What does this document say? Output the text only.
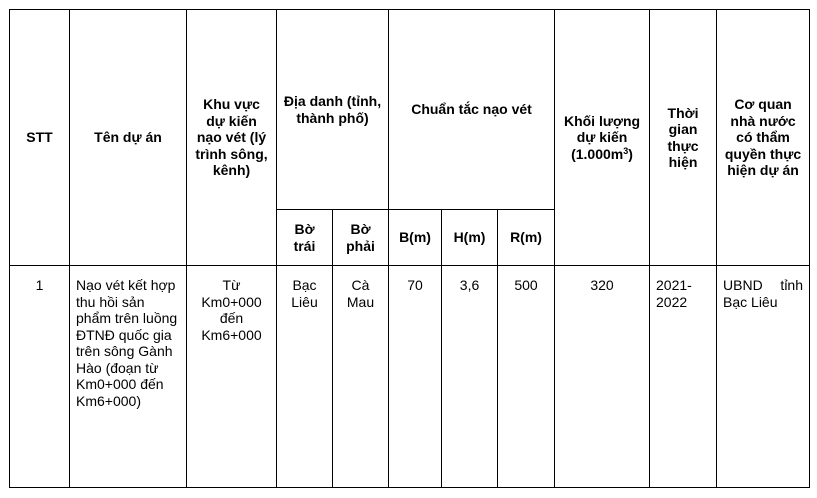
STT	Tên dự án	Khu vực dự kiến nạo vét (lý trình sông, kênh)	Địa danh (tỉnh, thành phố)		Chuẩn tắc nạo vét			Khối lượng dự kiến $(1.000m^3)$	Thời gian thực hiện	Cơ quan nhà nước có thẩm quyền thực hiện dự án
			Bờ trái	Bờ phải	B(m)	H(m)	R(m)			
1	Nạo vét kết hợp thu hồi sản phẩm trên luồng ĐTNĐ quốc gia trên sông Gành Hào (đoạn từ Km0+000 đến Km6+000)	Từ Km0+000 đến Km6+000	Bạc Liêu	Cà Mau	70	3,6	500	320	2021-2022	UBND tỉnh Bạc Liêu
